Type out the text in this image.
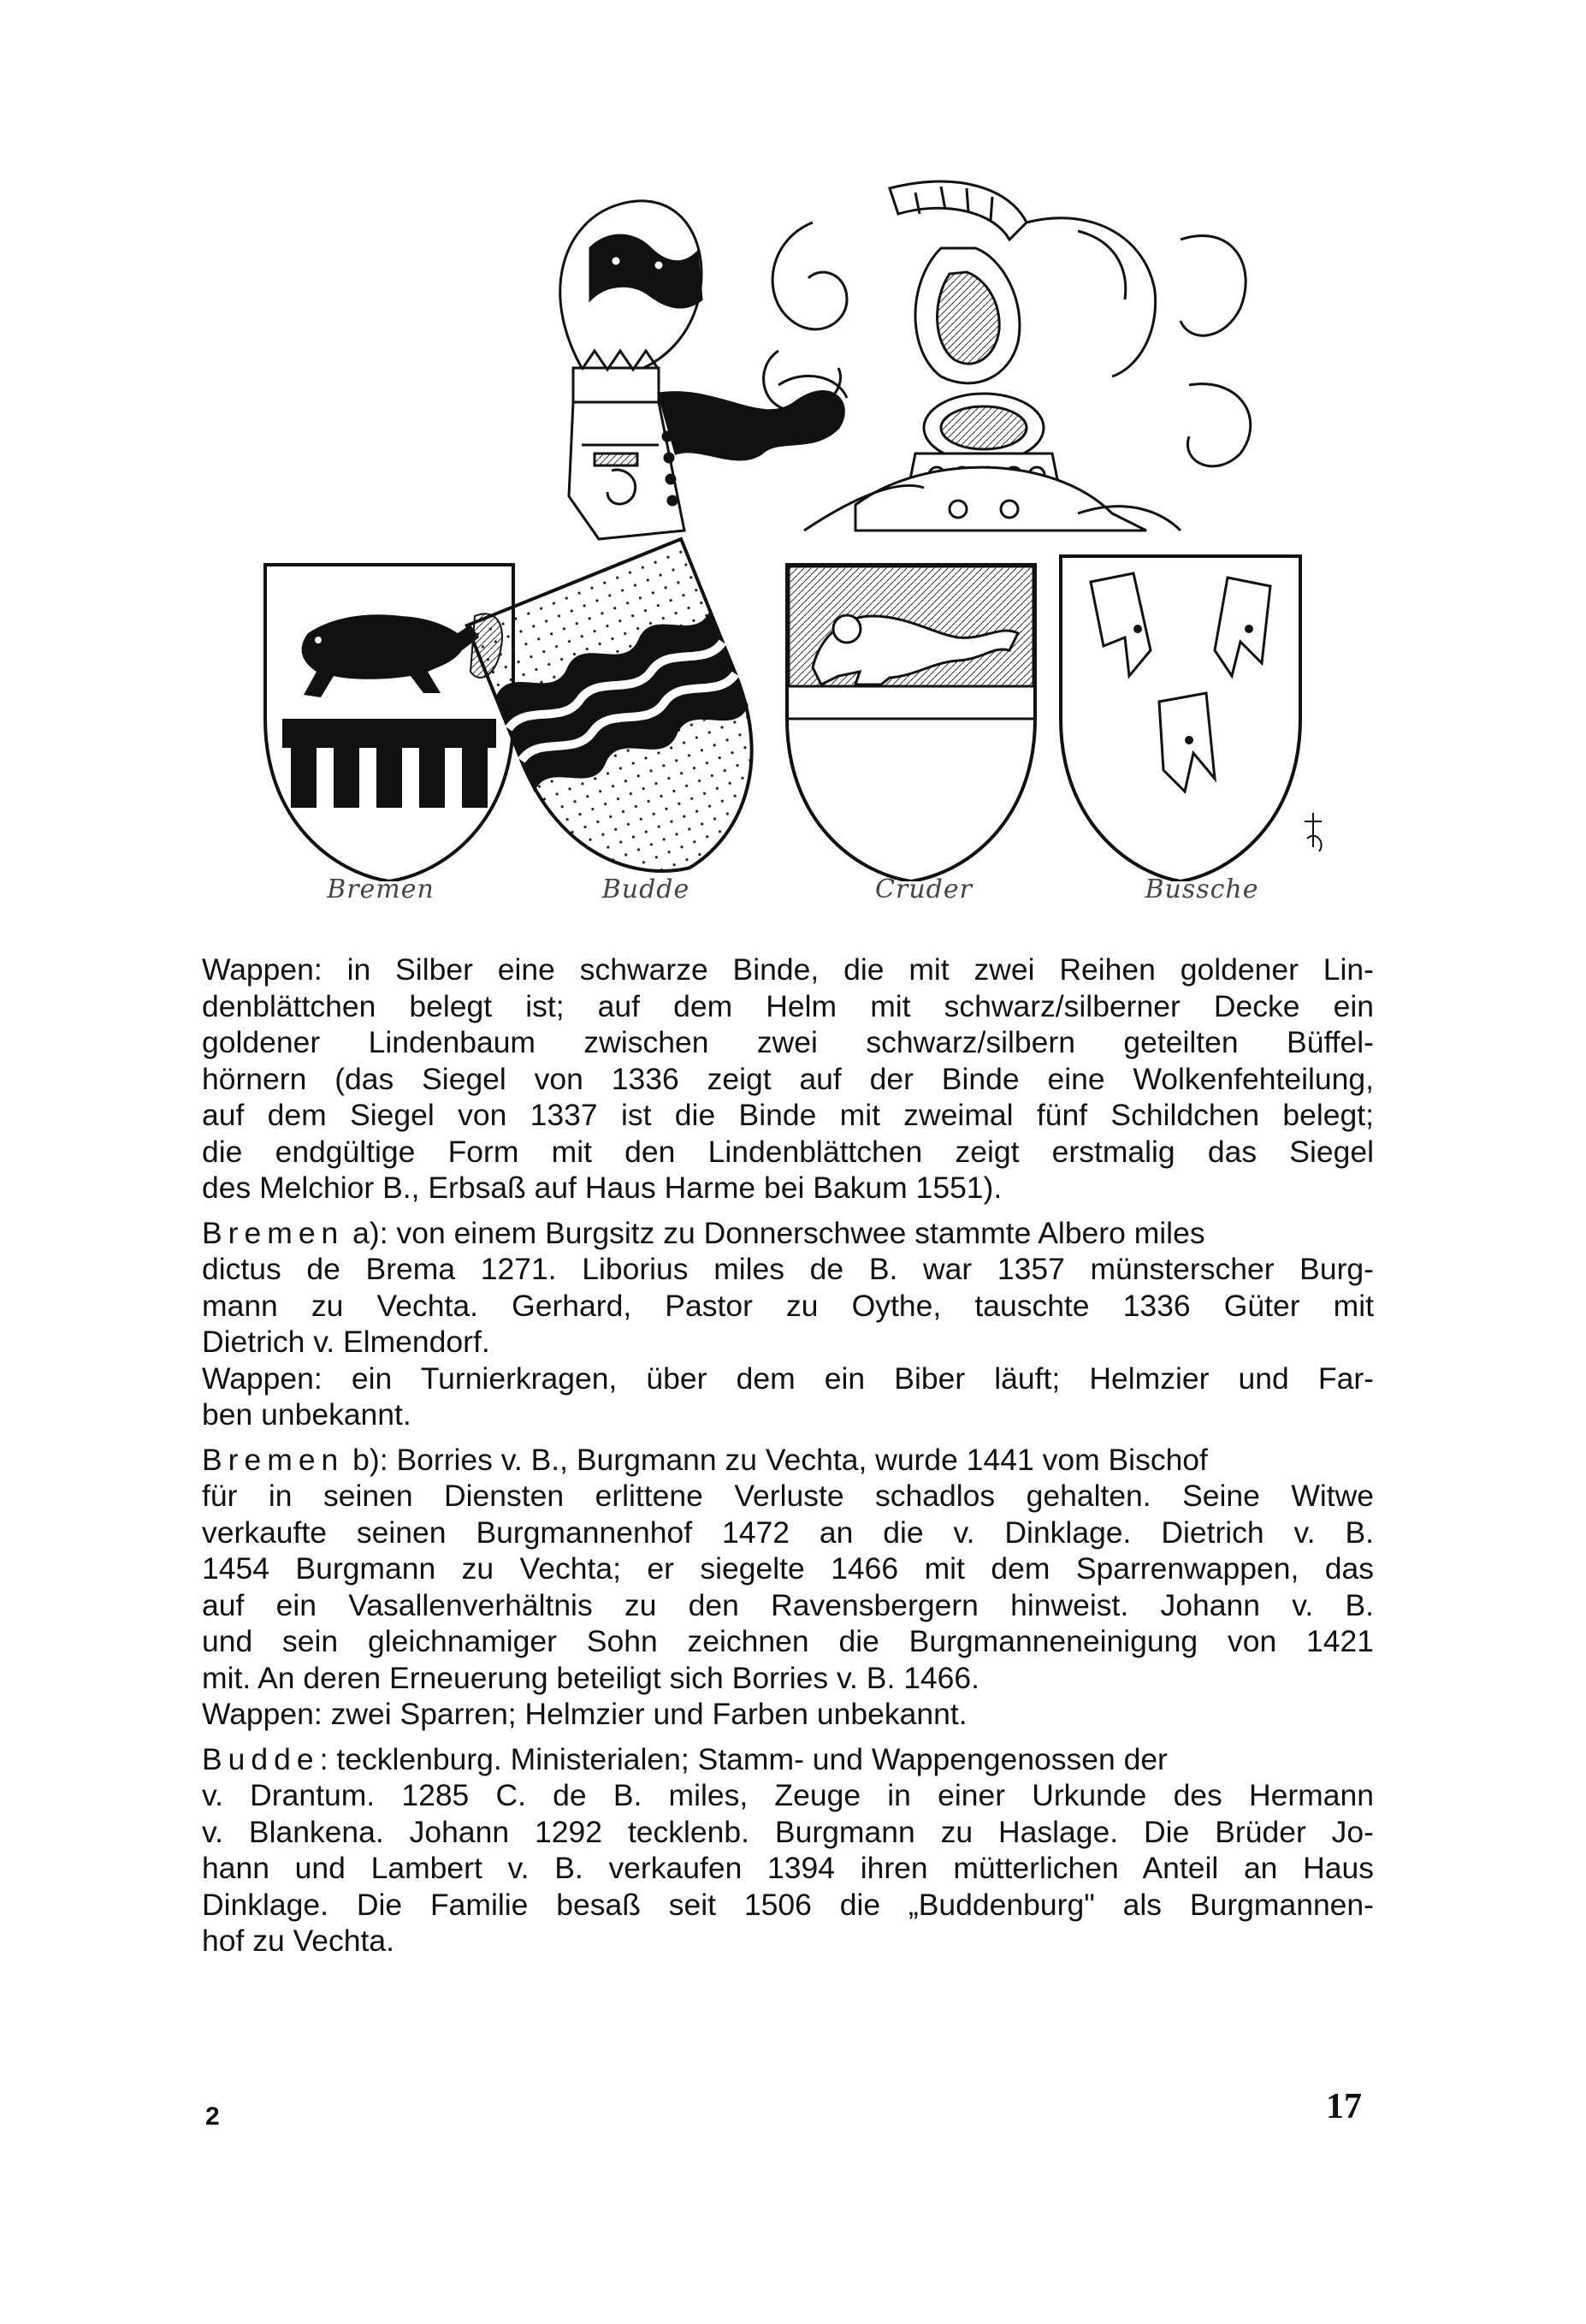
Bremen	Budde	Cruder	Bussche
Wappen: in Silber eine schwarze Binde, die mit zwei Reihen goldener Lin-
denblättchen belegt ist; auf dem Helm mit schwarz/silberner Decke ein
goldener Lindenbaum zwischen zwei schwarz/silbern geteilten Büffel-
hörnern (das Siegel von 1336 zeigt auf der Binde eine Wolkenfehteilung,
auf dem Siegel von 1337 ist die Binde mit zweimal fünf Schildchen belegt;
die endgültige Form mit den Lindenblättchen zeigt erstmalig das Siegel
des Melchior B., Erbsaß auf Haus Harme bei Bakum 1551).
Bremen a): von einem Burgsitz zu Donnerschwee stammte Albero miles
dictus de Brema 1271. Liborius miles de B. war 1357 münsterscher Burg-
mann zu Vechta. Gerhard, Pastor zu Oythe, tauschte 1336 Güter mit
Dietrich v. Elmendorf.
Wappen: ein Turnierkragen, über dem ein Biber läuft; Helmzier und Far-
ben unbekannt.
Bremen b): Borries v. B., Burgmann zu Vechta, wurde 1441 vom Bischof
für in seinen Diensten erlittene Verluste schadlos gehalten. Seine Witwe
verkaufte seinen Burgmannenhof 1472 an die v. Dinklage. Dietrich v. B.
1454 Burgmann zu Vechta; er siegelte 1466 mit dem Sparrenwappen, das
auf ein Vasallenverhältnis zu den Ravensbergern hinweist. Johann v. B.
und sein gleichnamiger Sohn zeichnen die Burgmanneneinigung von 1421
mit. An deren Erneuerung beteiligt sich Borries v. B. 1466.
Wappen: zwei Sparren; Helmzier und Farben unbekannt.
Budde: tecklenburg. Ministerialen; Stamm- und Wappengenossen der
v. Drantum. 1285 C. de B. miles, Zeuge in einer Urkunde des Hermann
v. Blankena. Johann 1292 tecklenb. Burgmann zu Haslage. Die Brüder Jo-
hann und Lambert v. B. verkaufen 1394 ihren mütterlichen Anteil an Haus
Dinklage. Die Familie besaß seit 1506 die „Buddenburg" als Burgmannen-
hof zu Vechta.
2	17
